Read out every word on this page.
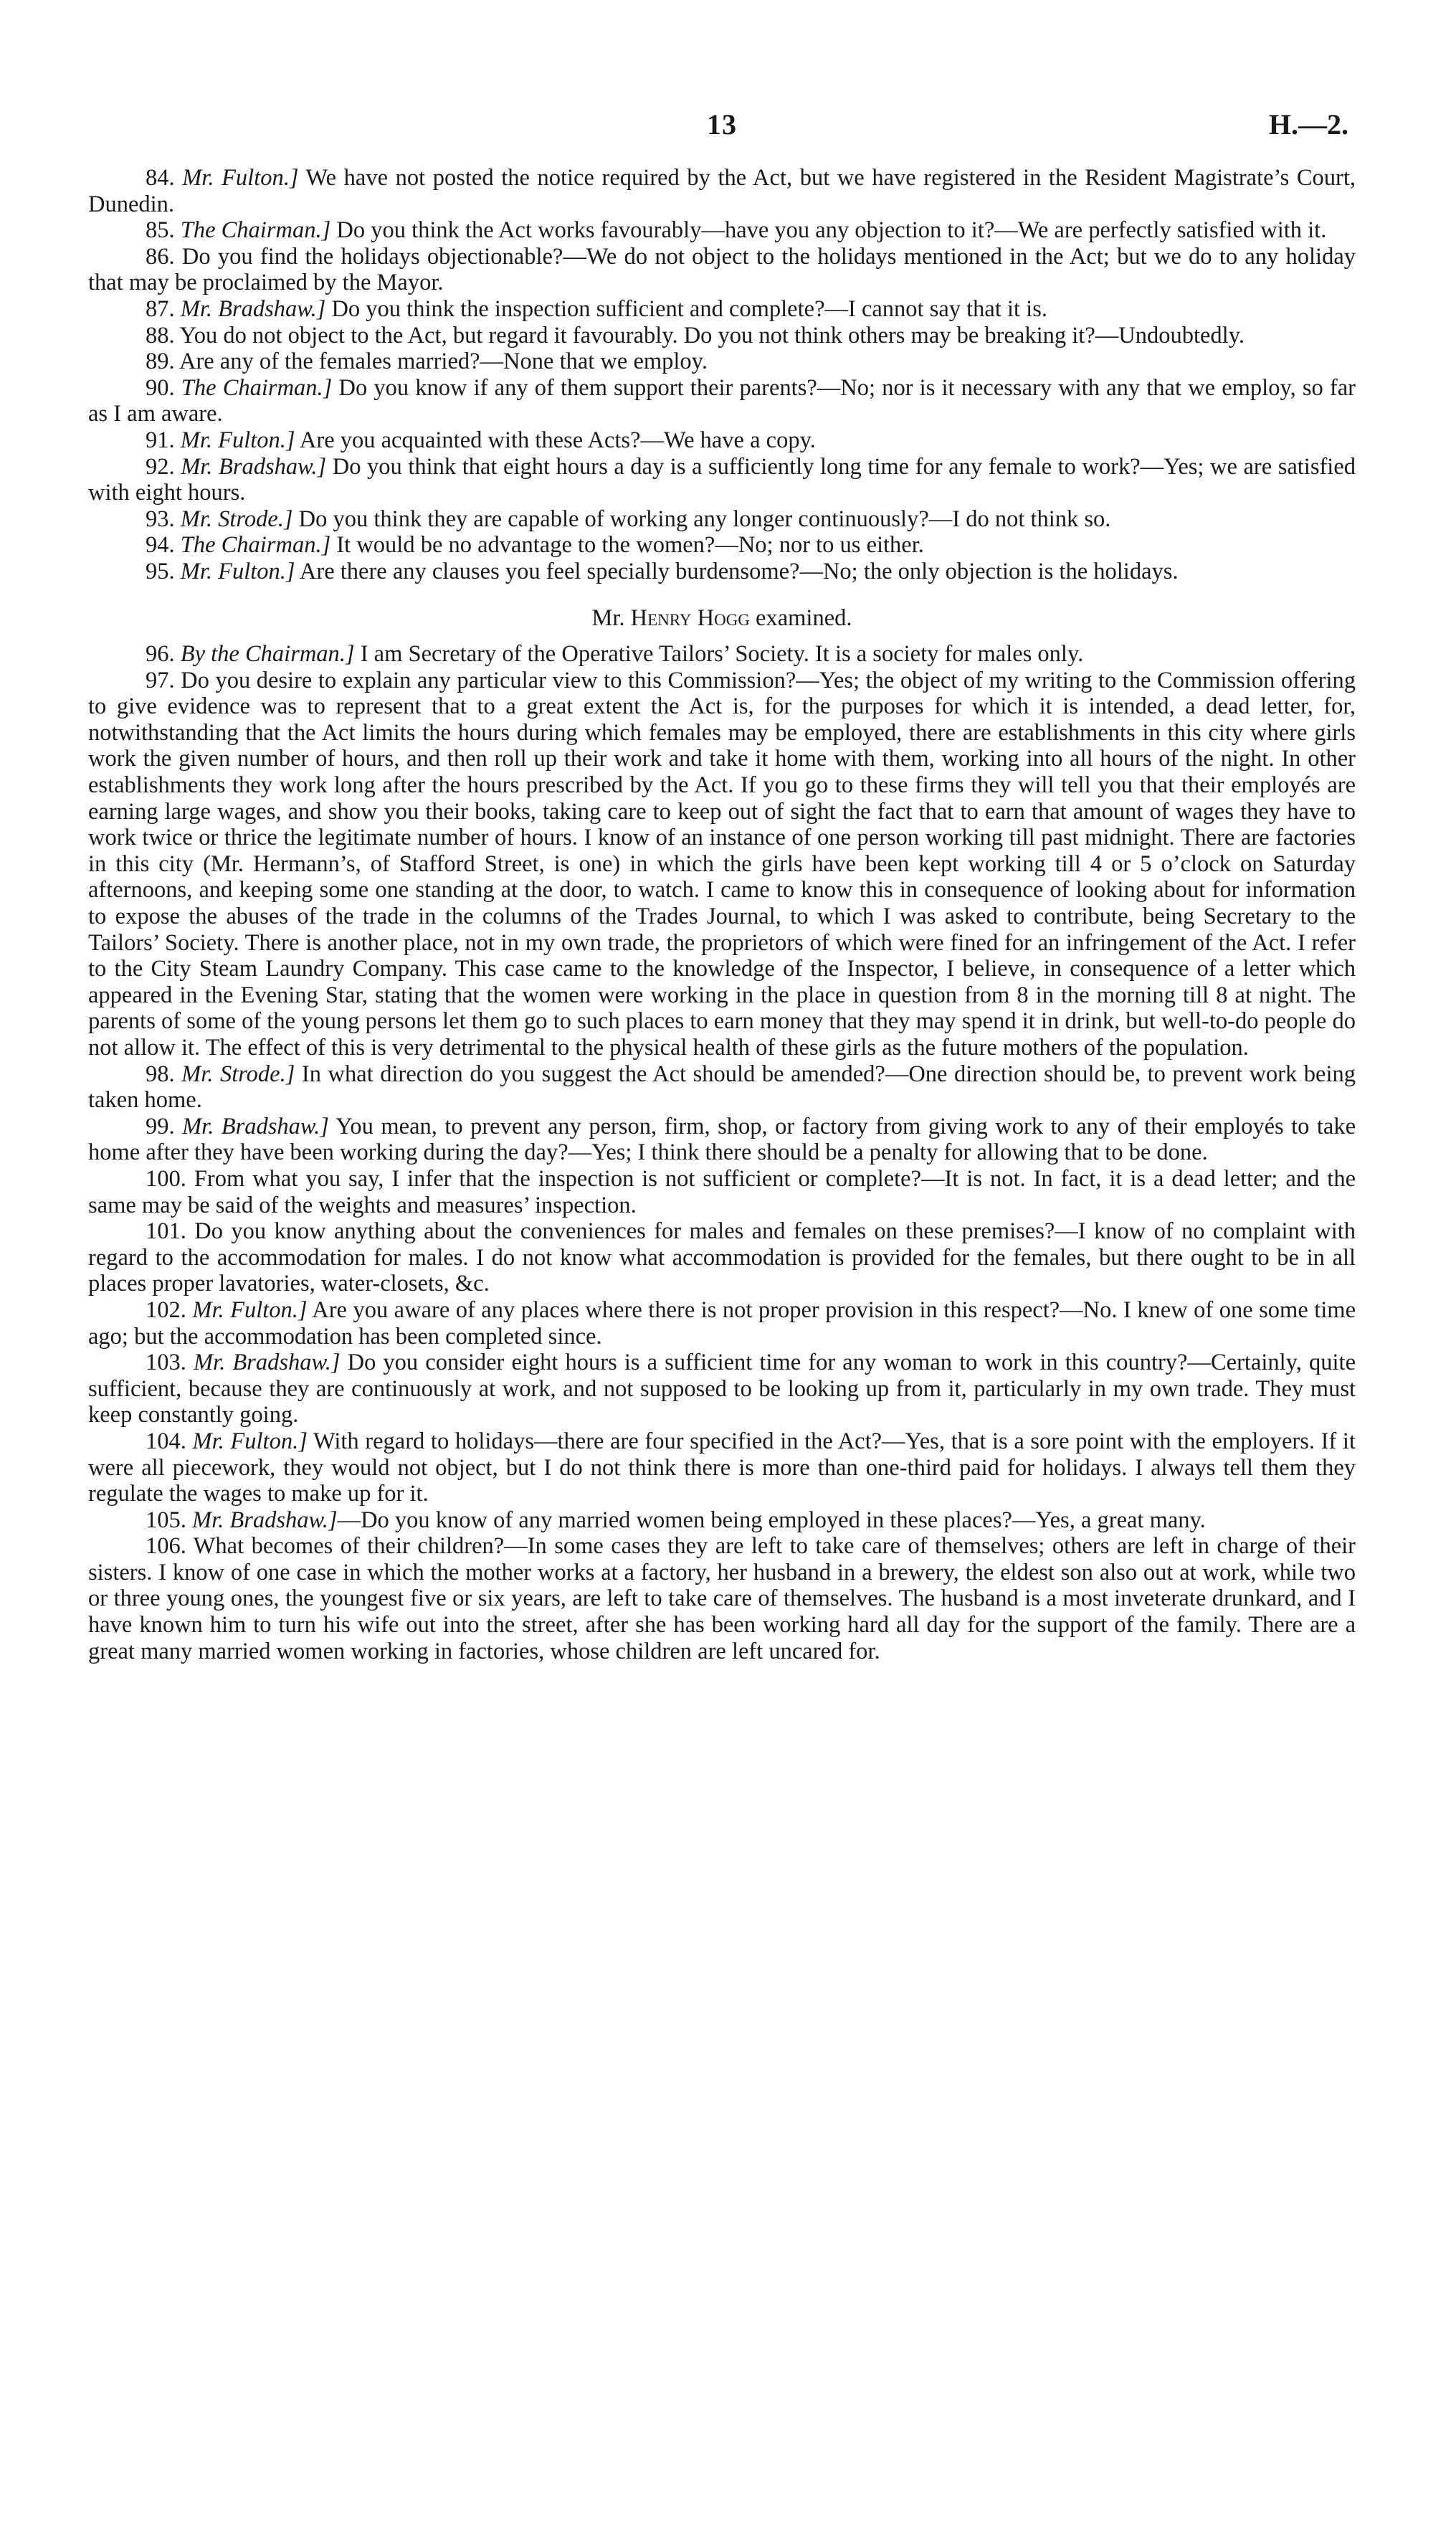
13	H.—2.

84. Mr. Fulton.] We have not posted the notice required by the Act, but we have registered in the Resident Magistrate’s Court, Dunedin.

85. The Chairman.] Do you think the Act works favourably—have you any objection to it?—We are perfectly satisfied with it.

86. Do you find the holidays objectionable?—We do not object to the holidays mentioned in the Act; but we do to any holiday that may be proclaimed by the Mayor.

87. Mr. Bradshaw.] Do you think the inspection sufficient and complete?—I cannot say that it is.

88. You do not object to the Act, but regard it favourably. Do you not think others may be breaking it?—Undoubtedly.

89. Are any of the females married?—None that we employ.

90. The Chairman.] Do you know if any of them support their parents?—No; nor is it necessary with any that we employ, so far as I am aware.

91. Mr. Fulton.] Are you acquainted with these Acts?—We have a copy.

92. Mr. Bradshaw.] Do you think that eight hours a day is a sufficiently long time for any female to work?—Yes; we are satisfied with eight hours.

93. Mr. Strode.] Do you think they are capable of working any longer continuously?—I do not think so.

94. The Chairman.] It would be no advantage to the women?—No; nor to us either.

95. Mr. Fulton.] Are there any clauses you feel specially burdensome?—No; the only objection is the holidays.

Mr. Henry Hogg examined.

96. By the Chairman.] I am Secretary of the Operative Tailors’ Society. It is a society for males only.

97. Do you desire to explain any particular view to this Commission?—Yes; the object of my writing to the Commission offering to give evidence was to represent that to a great extent the Act is, for the purposes for which it is intended, a dead letter, for, notwithstanding that the Act limits the hours during which females may be employed, there are establishments in this city where girls work the given number of hours, and then roll up their work and take it home with them, working into all hours of the night. In other establishments they work long after the hours prescribed by the Act. If you go to these firms they will tell you that their employés are earning large wages, and show you their books, taking care to keep out of sight the fact that to earn that amount of wages they have to work twice or thrice the legitimate number of hours. I know of an instance of one person working till past midnight. There are factories in this city (Mr. Hermann’s, of Stafford Street, is one) in which the girls have been kept working till 4 or 5 o’clock on Saturday afternoons, and keeping some one standing at the door, to watch. I came to know this in consequence of looking about for information to expose the abuses of the trade in the columns of the Trades Journal, to which I was asked to contribute, being Secretary to the Tailors’ Society. There is another place, not in my own trade, the proprietors of which were fined for an infringement of the Act. I refer to the City Steam Laundry Company. This case came to the knowledge of the Inspector, I believe, in consequence of a letter which appeared in the Evening Star, stating that the women were working in the place in question from 8 in the morning till 8 at night. The parents of some of the young persons let them go to such places to earn money that they may spend it in drink, but well-to-do people do not allow it. The effect of this is very detrimental to the physical health of these girls as the future mothers of the population.

98. Mr. Strode.] In what direction do you suggest the Act should be amended?—One direction should be, to prevent work being taken home.

99. Mr. Bradshaw.] You mean, to prevent any person, firm, shop, or factory from giving work to any of their employés to take home after they have been working during the day?—Yes; I think there should be a penalty for allowing that to be done.

100. From what you say, I infer that the inspection is not sufficient or complete?—It is not. In fact, it is a dead letter; and the same may be said of the weights and measures’ inspection.

101. Do you know anything about the conveniences for males and females on these premises?—I know of no complaint with regard to the accommodation for males. I do not know what accommodation is provided for the females, but there ought to be in all places proper lavatories, water-closets, &c.

102. Mr. Fulton.] Are you aware of any places where there is not proper provision in this respect?—No. I knew of one some time ago; but the accommodation has been completed since.

103. Mr. Bradshaw.] Do you consider eight hours is a sufficient time for any woman to work in this country?—Certainly, quite sufficient, because they are continuously at work, and not supposed to be looking up from it, particularly in my own trade. They must keep constantly going.

104. Mr. Fulton.] With regard to holidays—there are four specified in the Act?—Yes, that is a sore point with the employers. If it were all piecework, they would not object, but I do not think there is more than one-third paid for holidays. I always tell them they regulate the wages to make up for it.

105. Mr. Bradshaw.]—Do you know of any married women being employed in these places?—Yes, a great many.

106. What becomes of their children?—In some cases they are left to take care of themselves; others are left in charge of their sisters. I know of one case in which the mother works at a factory, her husband in a brewery, the eldest son also out at work, while two or three young ones, the youngest five or six years, are left to take care of themselves. The husband is a most inveterate drunkard, and I have known him to turn his wife out into the street, after she has been working hard all day for the support of the family. There are a great many married women working in factories, whose children are left uncared for.
